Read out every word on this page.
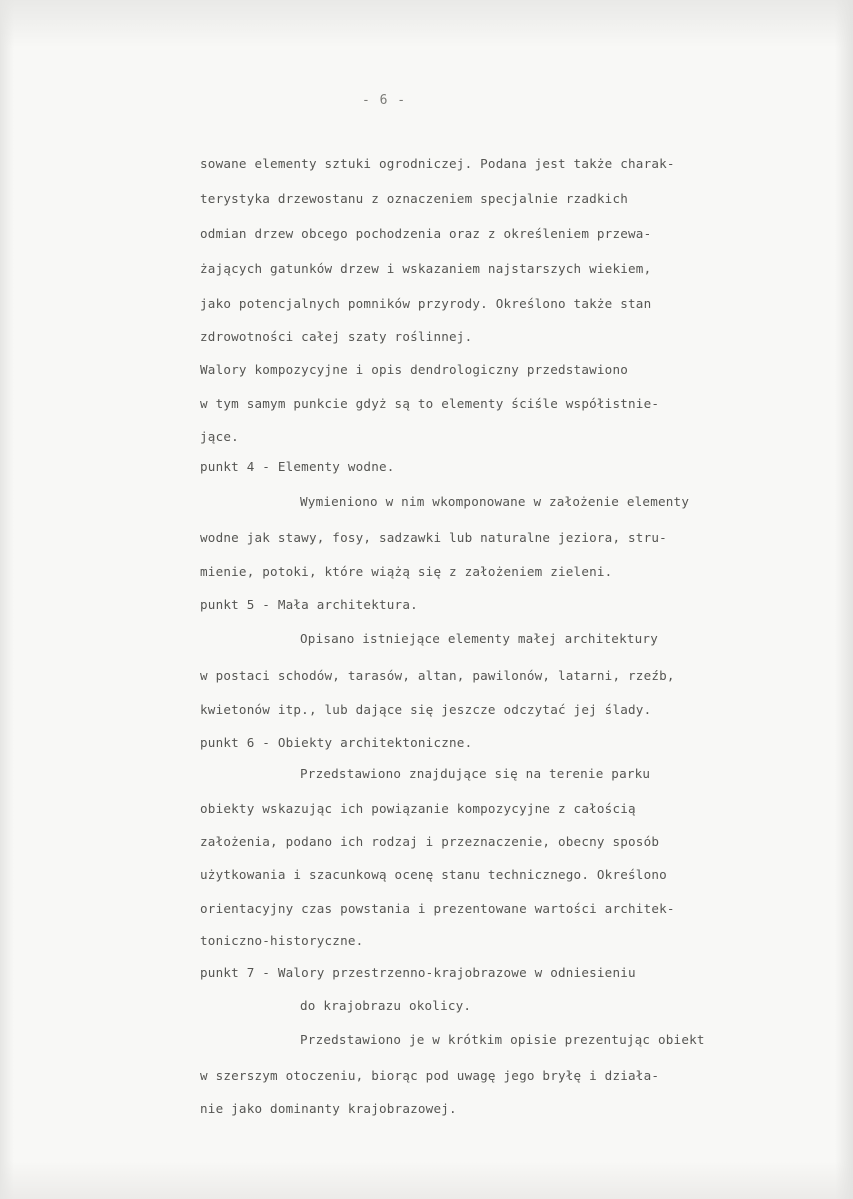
- 6 -

sowane elementy sztuki ogrodniczej. Podana jest także charak-

terystyka drzewostanu z oznaczeniem specjalnie rzadkich

odmian drzew obcego pochodzenia oraz z określeniem przewa-

żających gatunków drzew i wskazaniem najstarszych wiekiem,

jako potencjalnych pomników przyrody. Określono także stan

zdrowotności całej szaty roślinnej.

Walory kompozycyjne i opis dendrologiczny przedstawiono

w tym samym punkcie gdyż są to elementy ściśle współistnie-

jące.

punkt 4 - Elementy wodne.

Wymieniono w nim wkomponowane w założenie elementy

wodne jak stawy, fosy, sadzawki lub naturalne jeziora, stru-

mienie, potoki, które wiążą się z założeniem zieleni.

punkt 5 - Mała architektura.

Opisano istniejące elementy małej architektury

w postaci schodów, tarasów, altan, pawilonów, latarni, rzeźb,

kwietonów itp., lub dające się jeszcze odczytać jej ślady.

punkt 6 - Obiekty architektoniczne.

Przedstawiono znajdujące się na terenie parku

obiekty wskazując ich powiązanie kompozycyjne z całością

założenia, podano ich rodzaj i przeznaczenie, obecny sposób

użytkowania i szacunkową ocenę stanu technicznego. Określono

orientacyjny czas powstania i prezentowane wartości architek-

toniczno-historyczne.

punkt 7 - Walory przestrzenno-krajobrazowe w odniesieniu

do krajobrazu okolicy.

Przedstawiono je w krótkim opisie prezentując obiekt

w szerszym otoczeniu, biorąc pod uwagę jego bryłę i działa-

nie jako dominanty krajobrazowej.
